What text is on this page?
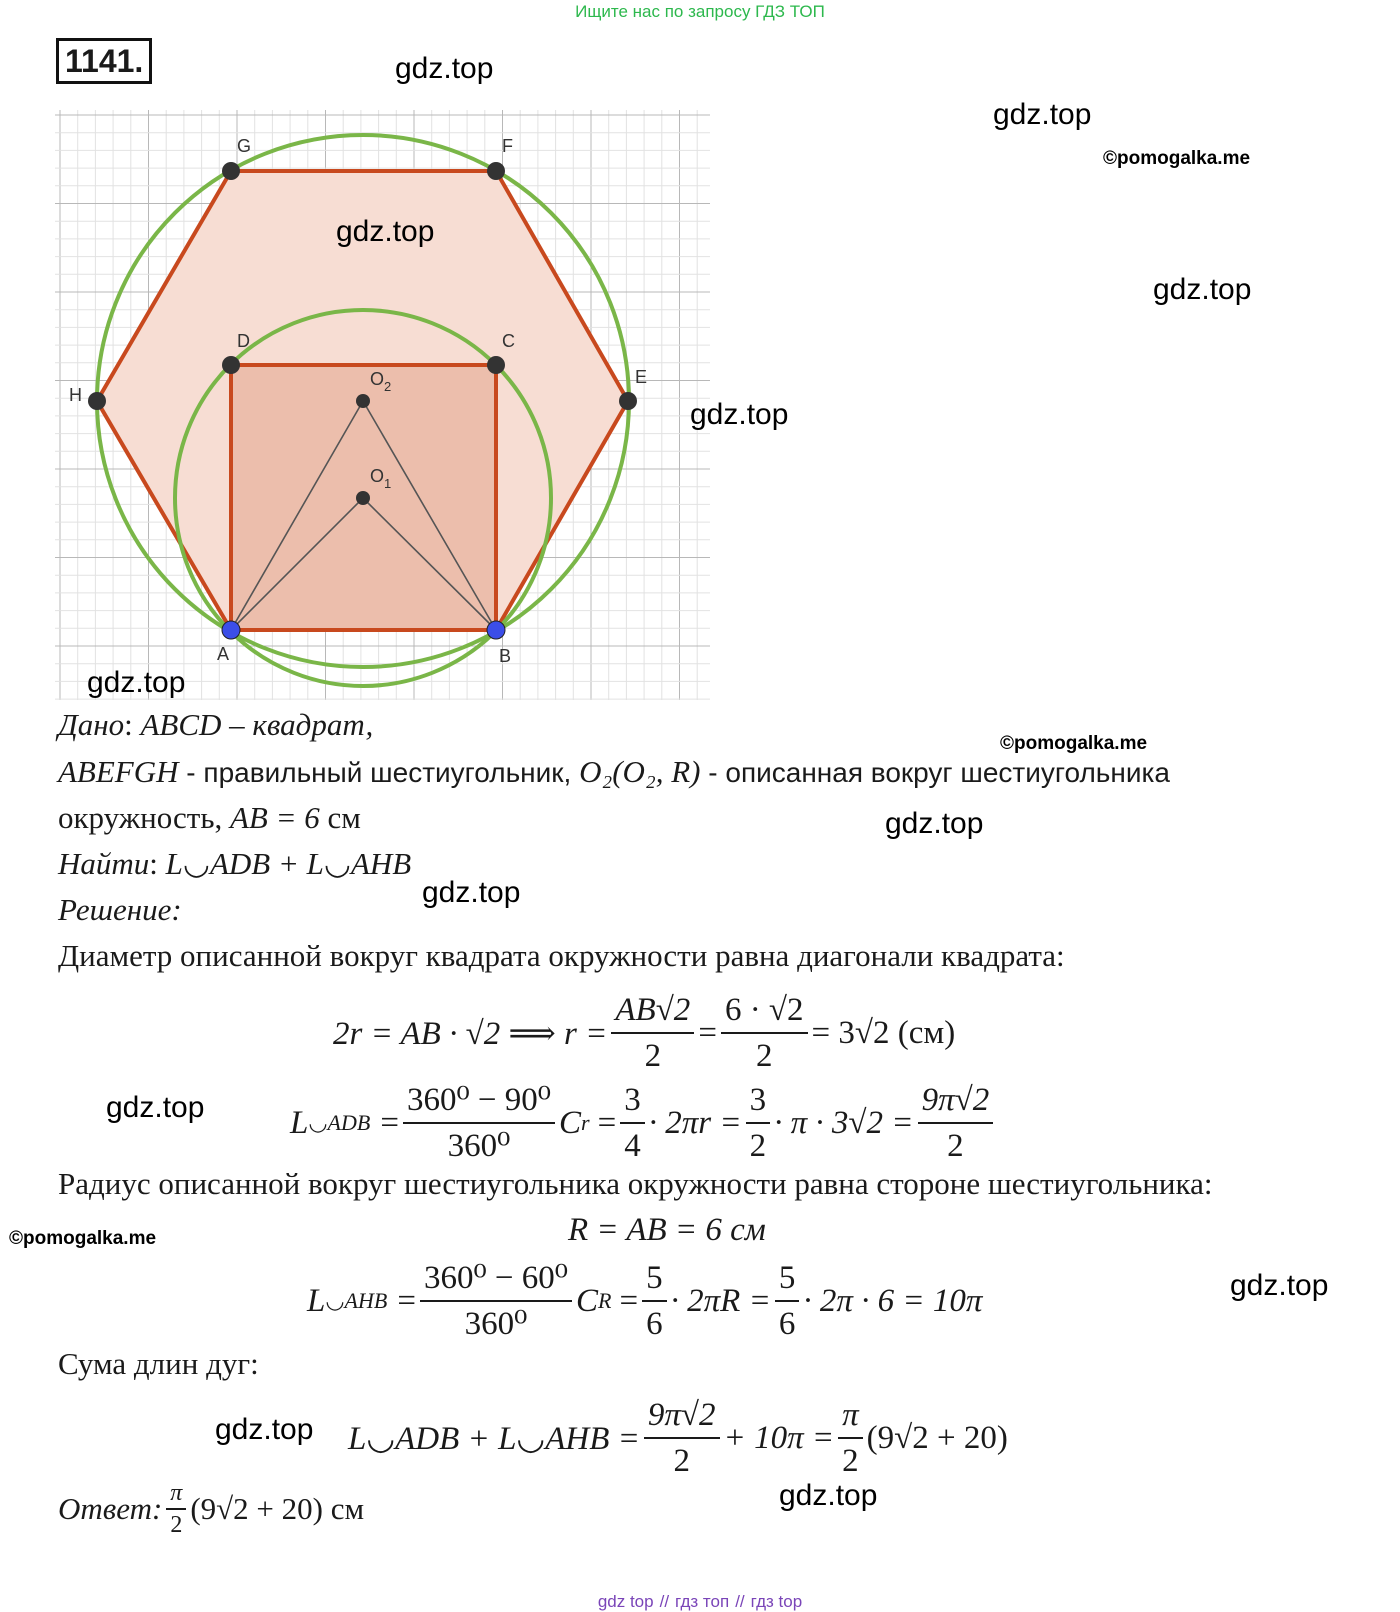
Ищите нас по запросу ГДЗ ТОП
1141.
G	F
D	C
H
E
$O_2$
$O_1$
A	B
gdz.top
gdz.top
gdz.top
gdz.top
gdz.top
gdz.top
gdz.top
gdz.top
gdz.top
gdz.top
gdz.top
gdz.top
©pomogalka.me
©pomogalka.me
©pomogalka.me
Дано: ABCD – квадрат,
ABEFGH - правильный шестиугольник, O₂(O₂, R) - описанная вокруг шестиугольника
окружность, AB = 6 см
Найти: L◡ADB + L◡AHB
Решение:
Диаметр описанной вокруг квадрата окружности равна диагонали квадрата:
2r = AB · √2 ⟹ $r = \frac{AB√2}{2} = \frac{6 \cdot √2}{2} = 3√2$ (см)
L ◡ADB = $\frac{\text{360⁰ − 90⁰}}{\text{360⁰}}$ C $r = \frac{3}{4} \cdot 2\pi r = \frac{3}{2} \cdot \pi \cdot 3√2 = \frac{9\pi√2}{2}$
Радиус описанной вокруг шестиугольника окружности равна стороне шестиугольника:
R = AB = 6 см
L ◡AHB = $\frac{\text{360⁰ − 60⁰}}{\text{360⁰}}$ C $R = \frac{5}{6} \cdot 2\pi R = \frac{5}{6} \cdot 2\pi \cdot 6 = 10\pi$
Сума длин дуг:
L◡ADB + L◡AHB = $\frac{9\pi√2}{2} + 10\pi = \frac{\pi}{2} (9√2 + 20)$
Ответ: $\frac{\pi}{2} (9√2 + 20)$ см
gdz top // гдз топ // гдз top
